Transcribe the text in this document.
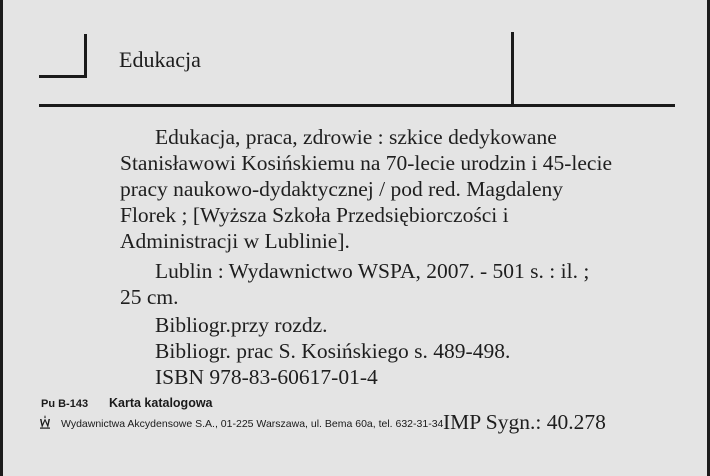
Edukacja
Edukacja, praca, zdrowie : szkice dedykowane
Stanisławowi Kosińskiemu na 70-lecie urodzin i 45-lecie
pracy naukowo-dydaktycznej / pod red. Magdaleny
Florek ; [Wyższa Szkoła Przedsiębiorczości i
Administracji w Lublinie].
Lublin : Wydawnictwo WSPA, 2007. - 501 s. : il. ;
25 cm.
Bibliogr.przy rozdz.
Bibliogr. prac S. Kosińskiego s. 489-498.
ISBN 978-83-60617-01-4
Pu B-143 Karta katalogowa
Wydawnictwa Akcydensowe S.A., 01-225 Warszawa, ul. Bema 60a, tel. 632-31-34 IMP Sygn.: 40.278
